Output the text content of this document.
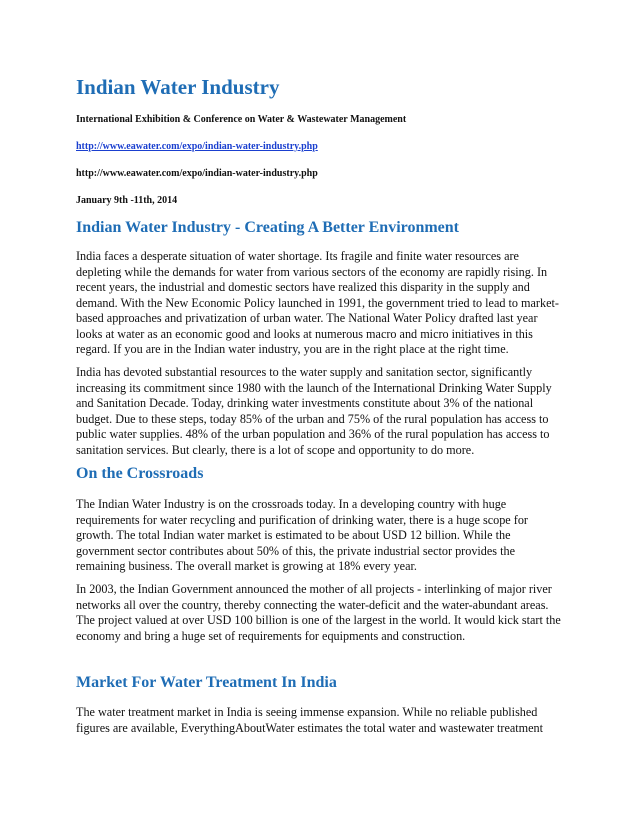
Indian Water Industry

International Exhibition & Conference on Water & Wastewater Management

http://www.eawater.com/expo/indian-water-industry.php

http://www.eawater.com/expo/indian-water-industry.php

January 9th -11th, 2014

Indian Water Industry - Creating A Better Environment

India faces a desperate situation of water shortage. Its fragile and finite water resources are depleting while the demands for water from various sectors of the economy are rapidly rising. In recent years, the industrial and domestic sectors have realized this disparity in the supply and demand. With the New Economic Policy launched in 1991, the government tried to lead to market-based approaches and privatization of urban water. The National Water Policy drafted last year looks at water as an economic good and looks at numerous macro and micro initiatives in this regard. If you are in the Indian water industry, you are in the right place at the right time.

India has devoted substantial resources to the water supply and sanitation sector, significantly increasing its commitment since 1980 with the launch of the International Drinking Water Supply and Sanitation Decade. Today, drinking water investments constitute about 3% of the national budget. Due to these steps, today 85% of the urban and 75% of the rural population has access to public water supplies. 48% of the urban population and 36% of the rural population has access to sanitation services. But clearly, there is a lot of scope and opportunity to do more.

On the Crossroads

The Indian Water Industry is on the crossroads today. In a developing country with huge requirements for water recycling and purification of drinking water, there is a huge scope for growth. The total Indian water market is estimated to be about USD 12 billion. While the government sector contributes about 50% of this, the private industrial sector provides the remaining business. The overall market is growing at 18% every year.

In 2003, the Indian Government announced the mother of all projects - interlinking of major river networks all over the country, thereby connecting the water-deficit and the water-abundant areas. The project valued at over USD 100 billion is one of the largest in the world. It would kick start the economy and bring a huge set of requirements for equipments and construction.

Market For Water Treatment In India

The water treatment market in India is seeing immense expansion. While no reliable published figures are available, EverythingAboutWater estimates the total water and wastewater treatment
